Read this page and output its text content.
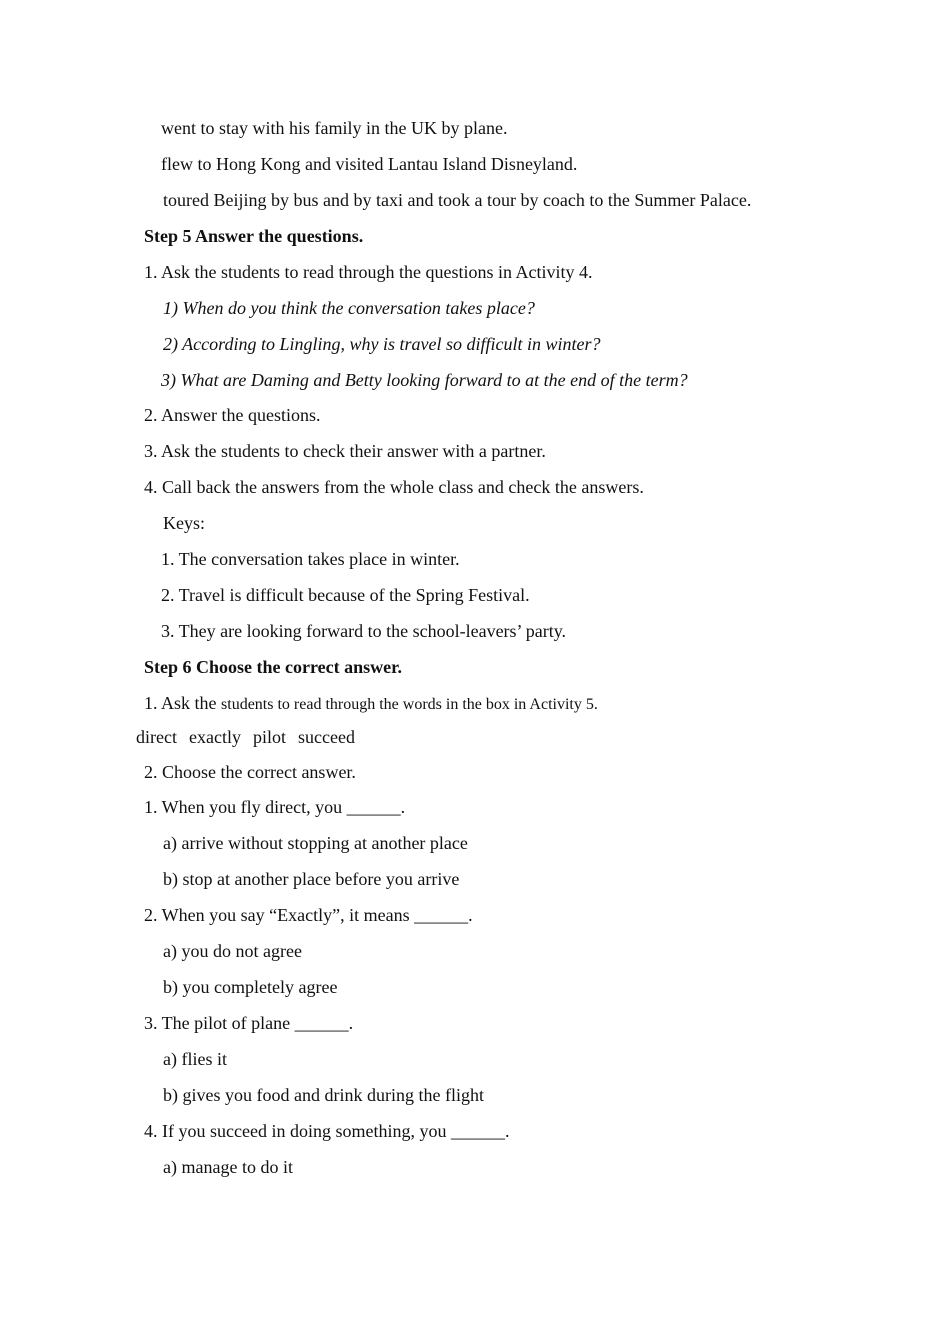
went to stay with his family in the UK by plane.
flew to Hong Kong and visited Lantau Island Disneyland.
toured Beijing by bus and by taxi and took a tour by coach to the Summer Palace.
Step 5 Answer the questions.
1. Ask the students to read through the questions in Activity 4.
1) When do you think the conversation takes place?
2) According to Lingling, why is travel so difficult in winter?
3) What are Daming and Betty looking forward to at the end of the term?
2. Answer the questions.
3. Ask the students to check their answer with a partner.
4. Call back the answers from the whole class and check the answers.
Keys:
1. The conversation takes place in winter.
2. Travel is difficult because of the Spring Festival.
3. They are looking forward to the school-leavers’ party.
Step 6 Choose the correct answer.
1. Ask the students to read through the words in the box in Activity 5.
direct exactly pilot succeed
2. Choose the correct answer.
1. When you fly direct, you ______.
a) arrive without stopping at another place
b) stop at another place before you arrive
2. When you say “Exactly”, it means ______.
a) you do not agree
b) you completely agree
3. The pilot of plane ______.
a) flies it
b) gives you food and drink during the flight
4. If you succeed in doing something, you ______.
a) manage to do it
